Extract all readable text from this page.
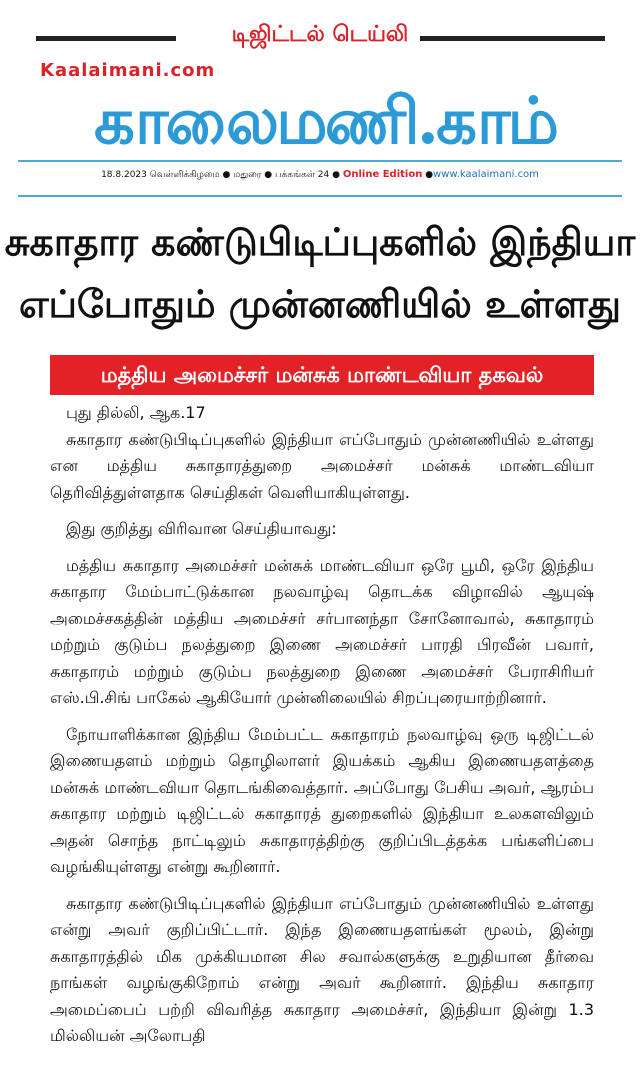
டிஜிட்டல் டெய்லி
Kaalaimani.com
காலைமணி.காம்
18.8.2023 வெள்ளிக்கிழமை ● மதுரை ● பக்கங்கள் 24 ● Online Edition ●www.kaalaimani.com
சுகாதார கண்டுபிடிப்புகளில் இந்தியா
எப்போதும் முன்னணியில் உள்ளது
மத்திய அமைச்சர் மன்சுக் மாண்டவியா தகவல்

புது தில்லி, ஆக.17

சுகாதார கண்டுபிடிப்புகளில் இந்தியா எப்போதும் முன்னணியில் உள்ளது என மத்திய சுகாதாரத்துறை அமைச்சர் மன்சுக் மாண்டவியா தெரிவித்துள்ளதாக செய்திகள் வெளியாகியுள்ளது.

இது குறித்து விரிவான செய்தியாவது:

மத்திய சுகாதார அமைச்சர் மன்சுக் மாண்டவியா ஒரே பூமி, ஒரே இந்திய சுகாதார மேம்பாட்டுக்கான நலவாழ்வு தொடக்க விழாவில் ஆயுஷ் அமைச்சகத்தின் மத்திய அமைச்சர் சர்பானந்தா சோனோவால், சுகாதாரம் மற்றும் குடும்ப நலத்துறை இணை அமைச்சர் பாரதி பிரவீன் பவார், சுகாதாரம் மற்றும் குடும்ப நலத்துறை இணை அமைச்சர் பேராசிரியர் எஸ்.பி.சிங் பாகேல் ஆகியோர் முன்னிலையில் சிறப்புரையாற்றினார்.

நோயாளிக்கான இந்திய மேம்பட்ட சுகாதாரம் நலவாழ்வு ஒரு டிஜிட்டல் இணையதளம் மற்றும் தொழிலாளர் இயக்கம் ஆகிய இணையதளத்தை மன்சுக் மாண்டவியா தொடங்கிவைத்தார். அப்போது பேசிய அவர், ஆரம்ப சுகாதார மற்றும் டிஜிட்டல் சுகாதாரத் துறைகளில் இந்தியா உலகளவிலும் அதன் சொந்த நாட்டிலும் சுகாதாரத்திற்கு குறிப்பிடத்தக்க பங்களிப்பை வழங்கியுள்ளது என்று கூறினார்.

சுகாதார கண்டுபிடிப்புகளில் இந்தியா எப்போதும் முன்னணியில் உள்ளது என்று அவர் குறிப்பிட்டார். இந்த இணையதளங்கள் மூலம், இன்று சுகாதாரத்தில் மிக முக்கியமான சில சவால்களுக்கு உறுதியான தீர்வை நாங்கள் வழங்குகிறோம் என்று அவர் கூறினார். இந்திய சுகாதார அமைப்பைப் பற்றி விவரித்த சுகாதார அமைச்சர், இந்தியா இன்று 1.3 மில்லியன் அலோபதி
